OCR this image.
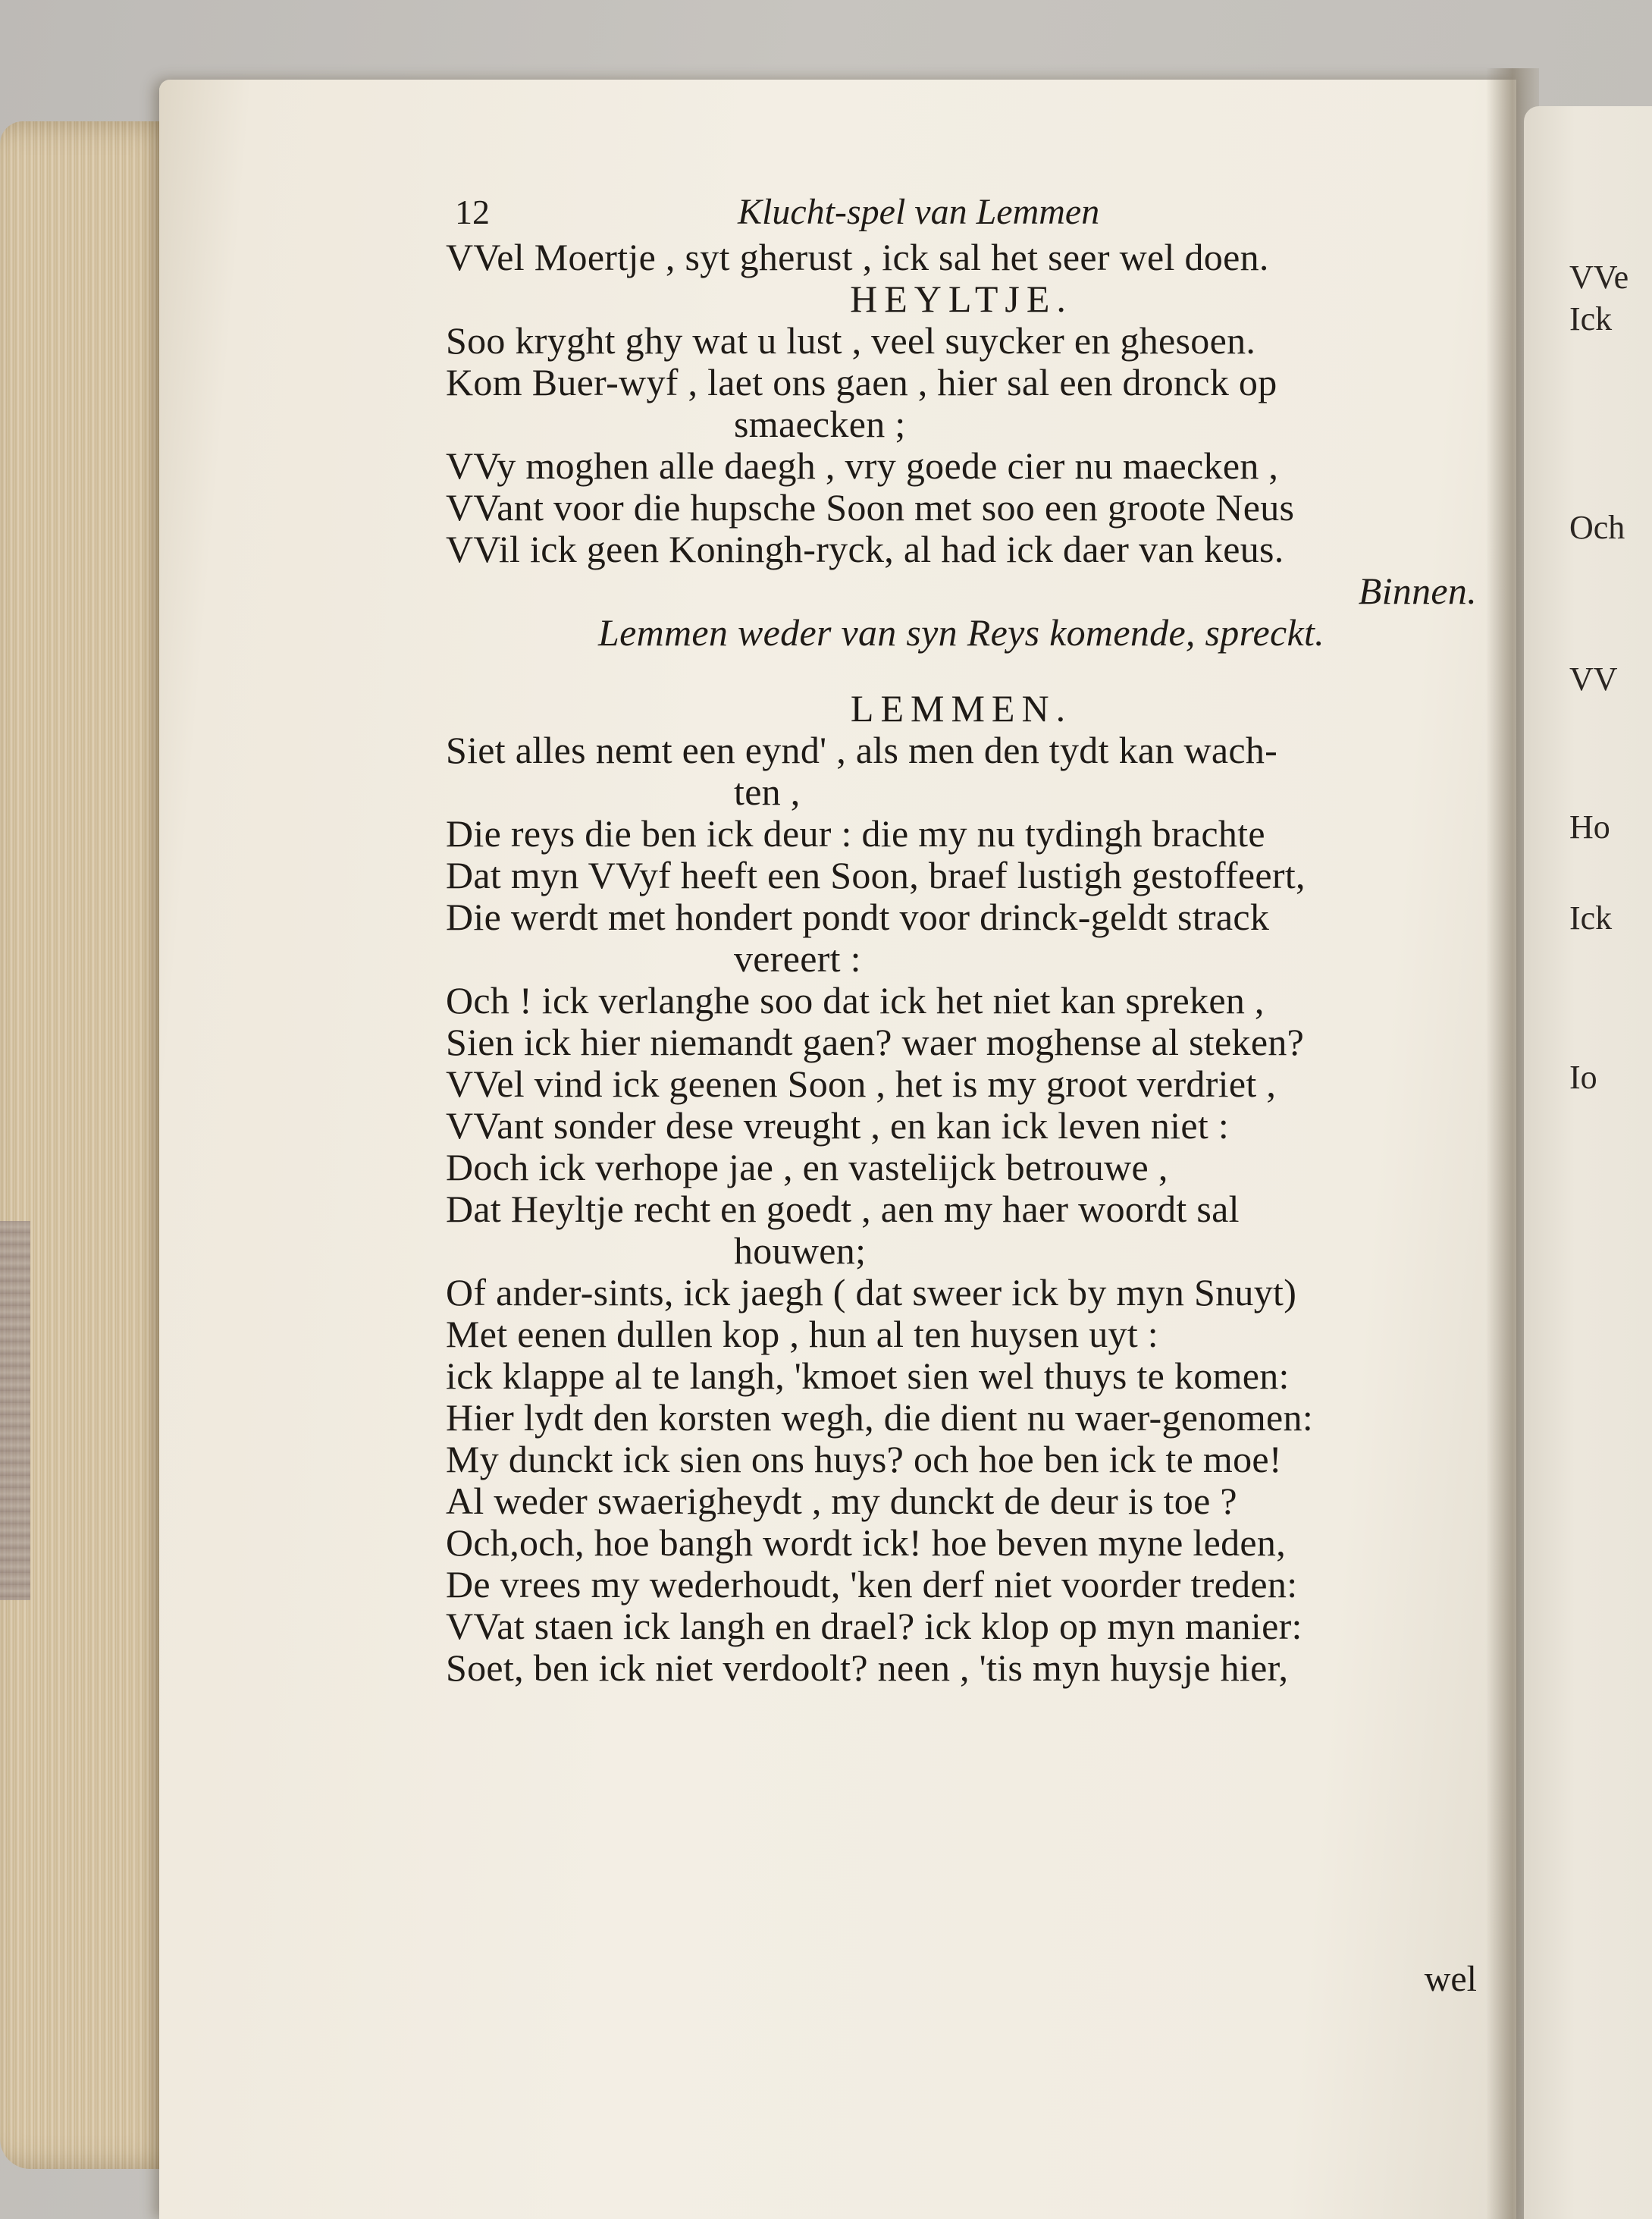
VVe
Ick
Och
VV
Ho
Ick
Io
12	Klucht-spel van Lemmen
VVel Moertje , syt gherust , ick sal het seer wel doen.
HEYLTJE.
Soo kryght ghy wat u lust , veel suycker en ghesoen.
Kom Buer-wyf , laet ons gaen , hier sal een dronck op
smaecken ;
VVy moghen alle daegh , vry goede cier nu maecken ,
VVant voor die hupsche Soon met soo een groote Neus
VVil ick geen Koningh-ryck, al had ick daer van keus.
Binnen.
Lemmen weder van syn Reys komende, spreckt.
LEMMEN.
Siet alles nemt een eynd' , als men den tydt kan wach-
ten ,
Die reys die ben ick deur : die my nu tydingh brachte
Dat myn VVyf heeft een Soon, braef lustigh gestoffeert,
Die werdt met hondert pondt voor drinck-geldt strack
vereert :
Och ! ick verlanghe soo dat ick het niet kan spreken ,
Sien ick hier niemandt gaen? waer moghense al steken?
VVel vind ick geenen Soon , het is my groot verdriet ,
VVant sonder dese vreught , en kan ick leven niet :
Doch ick verhope jae , en vastelijck betrouwe ,
Dat Heyltje recht en goedt , aen my haer woordt sal
houwen;
Of ander-sints, ick jaegh ( dat sweer ick by myn Snuyt)
Met eenen dullen kop , hun al ten huysen uyt :
ick klappe al te langh, 'kmoet sien wel thuys te komen:
Hier lydt den korsten wegh, die dient nu waer-genomen:
My dunckt ick sien ons huys? och hoe ben ick te moe!
Al weder swaerigheydt , my dunckt de deur is toe ?
Och,och, hoe bangh wordt ick! hoe beven myne leden,
De vrees my wederhoudt, 'ken derf niet voorder treden:
VVat staen ick langh en drael? ick klop op myn manier:
Soet, ben ick niet verdoolt? neen , 'tis myn huysje hier,
wel
